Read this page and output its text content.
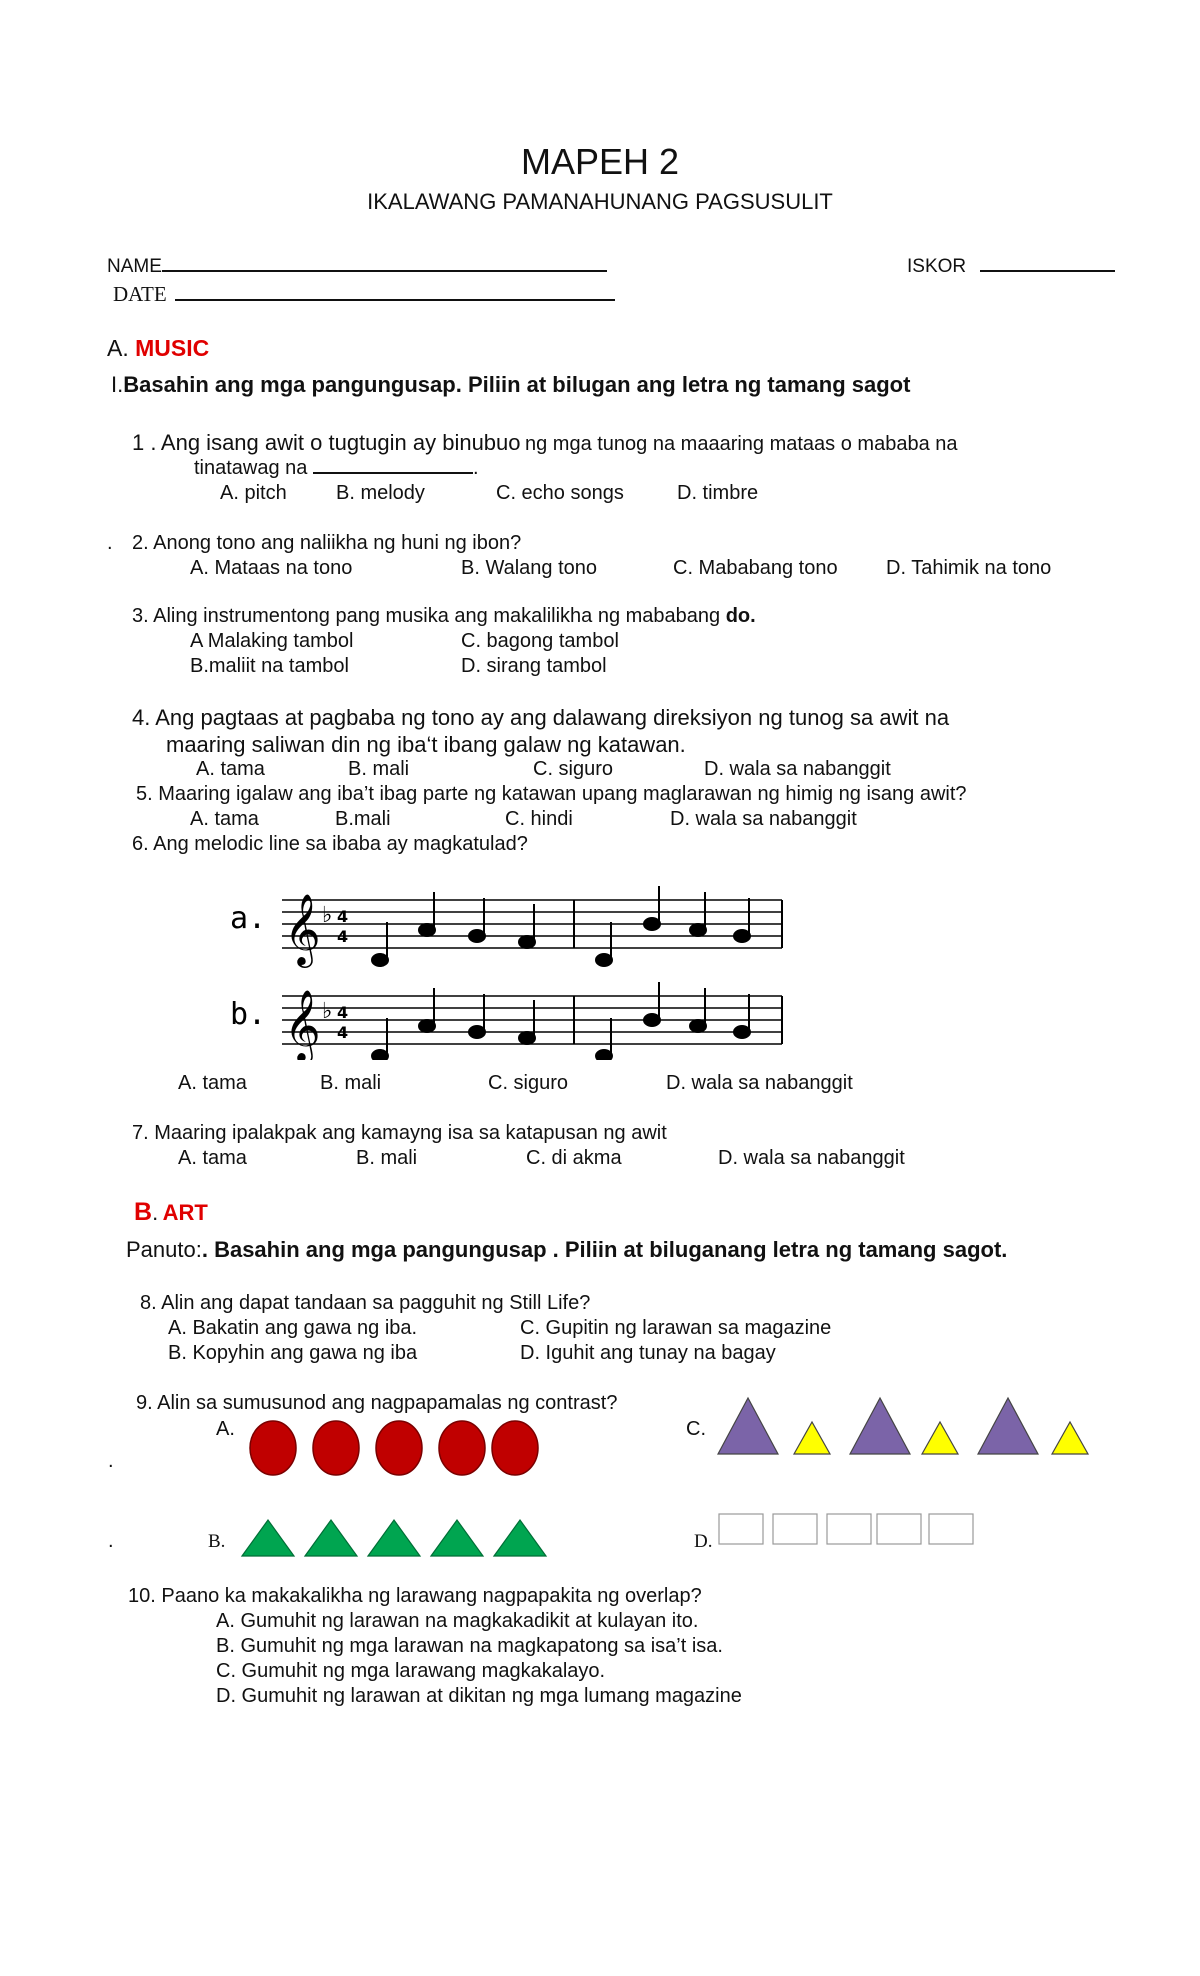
MAPEH 2
IKALAWANG PAMANAHUNANG PAGSUSULIT
NAME	ISKOR
DATE
A. MUSIC
I.Basahin ang mga pangungusap. Piliin at bilugan ang letra ng tamang sagot
1 . Ang isang awit o tugtugin ay binubuo ng mga tunog na maaaring mataas o mababa na
tinatawag na	.
A. pitch B. melody	C. echo songs	D. timbre
. 2. Anong tono ang naliikha ng huni ng ibon?
A. Mataas na tono	B. Walang tono	C. Mababang tono D. Tahimik na tono
3. Aling instrumentong pang musika ang makalilikha ng mababang do.
A Malaking tambol	C. bagong tambol
B.maliit na tambol	D. sirang tambol
4. Ang pagtaas at pagbaba ng tono ay ang dalawang direksiyon ng tunog sa awit na
maaring saliwan din ng iba‘t ibang galaw ng katawan.
A. tama	B. mali	C. siguro	D. wala sa nabanggit
5. Maaring igalaw ang iba’t ibag parte ng katawan upang maglarawan ng himig ng isang awit?
A. tama	B.mali	C. hindi	D. wala sa nabanggit
6. Ang melodic line sa ibaba ay magkatulad?
a. 𝄞 ♭ 4
4
b. 𝄞 ♭ 4
4
A. tama	B. mali	C. siguro	D. wala sa nabanggit
7. Maaring ipalakpak ang kamayng isa sa katapusan ng awit
A. tama	B. mali	C. di akma	D. wala sa nabanggit
B. ART
Panuto:. Basahin ang mga pangungusap . Piliin at biluganang letra ng tamang sagot.
8. Alin ang dapat tandaan sa pagguhit ng Still Life?
A. Bakatin ang gawa ng iba.	C. Gupitin ng larawan sa magazine
B. Kopyhin ang gawa ng iba	D. Iguhit ang tunay na bagay
9. Alin sa sumusunod ang nagpapamalas ng contrast?
A.	C.
.
.	B.	D.
10. Paano ka makakalikha ng larawang nagpapakita ng overlap?
A. Gumuhit ng larawan na magkakadikit at kulayan ito.
B. Gumuhit ng mga larawan na magkapatong sa isa’t isa.
C. Gumuhit ng mga larawang magkakalayo.
D. Gumuhit ng larawan at dikitan ng mga lumang magazine
